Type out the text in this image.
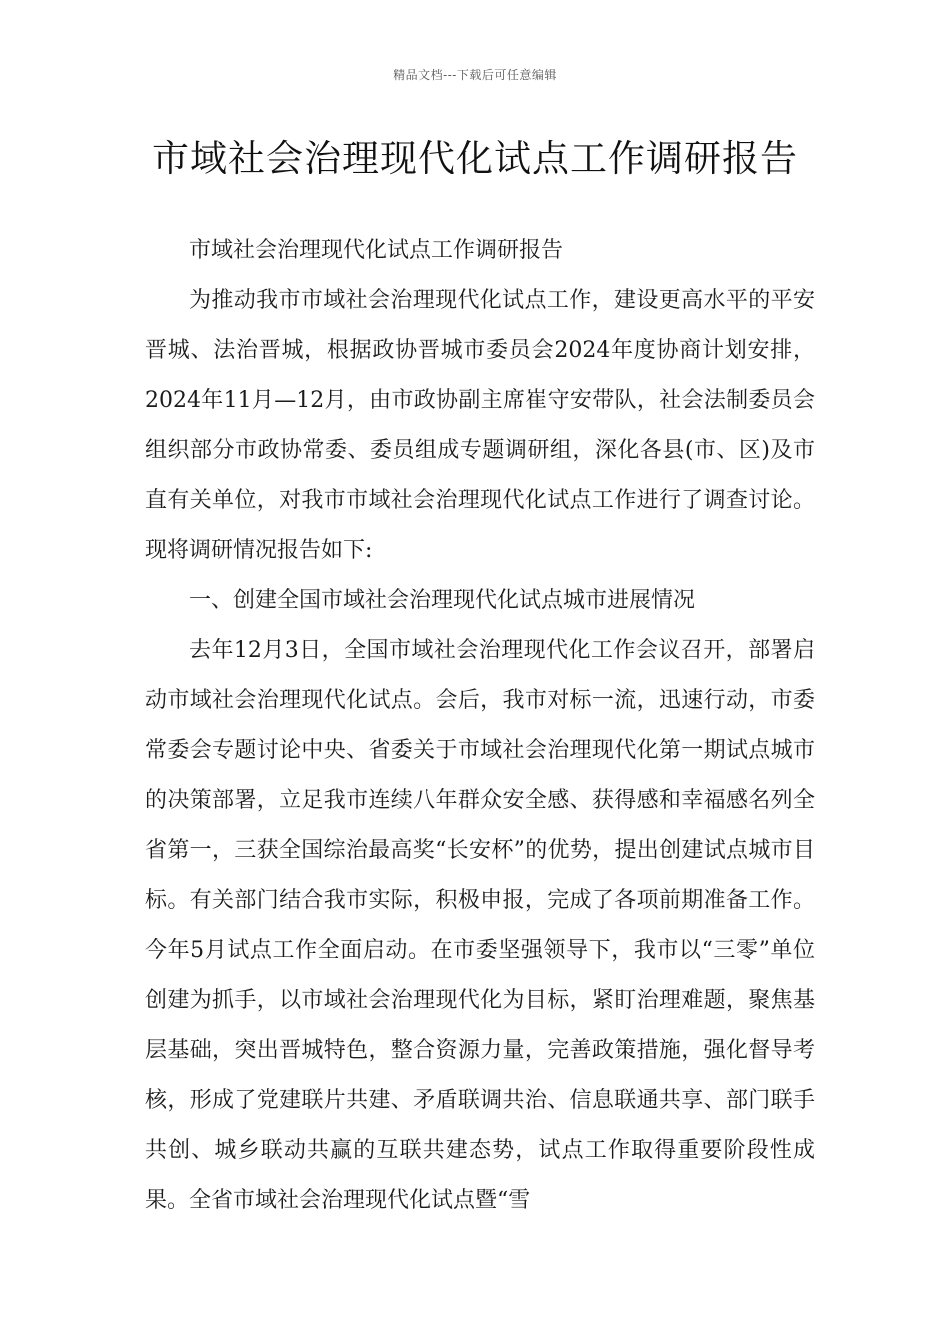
精品文档---下载后可任意编辑
市域社会治理现代化试点工作调研报告

市域社会治理现代化试点工作调研报告

为推动我市市域社会治理现代化试点工作，建设更高水平的平安晋城、法治晋城，根据政协晋城市委员会2024年度协商计划安排，2024年11月—12月，由市政协副主席崔守安带队，社会法制委员会组织部分市政协常委、委员组成专题调研组，深化各县(市、区)及市直有关单位，对我市市域社会治理现代化试点工作进行了调查讨论。现将调研情况报告如下:

一、创建全国市域社会治理现代化试点城市进展情况

去年12月3日，全国市域社会治理现代化工作会议召开，部署启动市域社会治理现代化试点。会后，我市对标一流，迅速行动，市委常委会专题讨论中央、省委关于市域社会治理现代化第一期试点城市的决策部署，立足我市连续八年群众安全感、获得感和幸福感名列全省第一，三获全国综治最高奖“长安杯”的优势，提出创建试点城市目标。有关部门结合我市实际，积极申报，完成了各项前期准备工作。今年5月试点工作全面启动。在市委坚强领导下，我市以“三零”单位创建为抓手，以市域社会治理现代化为目标，紧盯治理难题，聚焦基层基础，突出晋城特色，整合资源力量，完善政策措施，强化督导考核，形成了党建联片共建、矛盾联调共治、信息联通共享、部门联手共创、城乡联动共赢的互联共建态势，试点工作取得重要阶段性成果。全省市域社会治理现代化试点暨“雪
